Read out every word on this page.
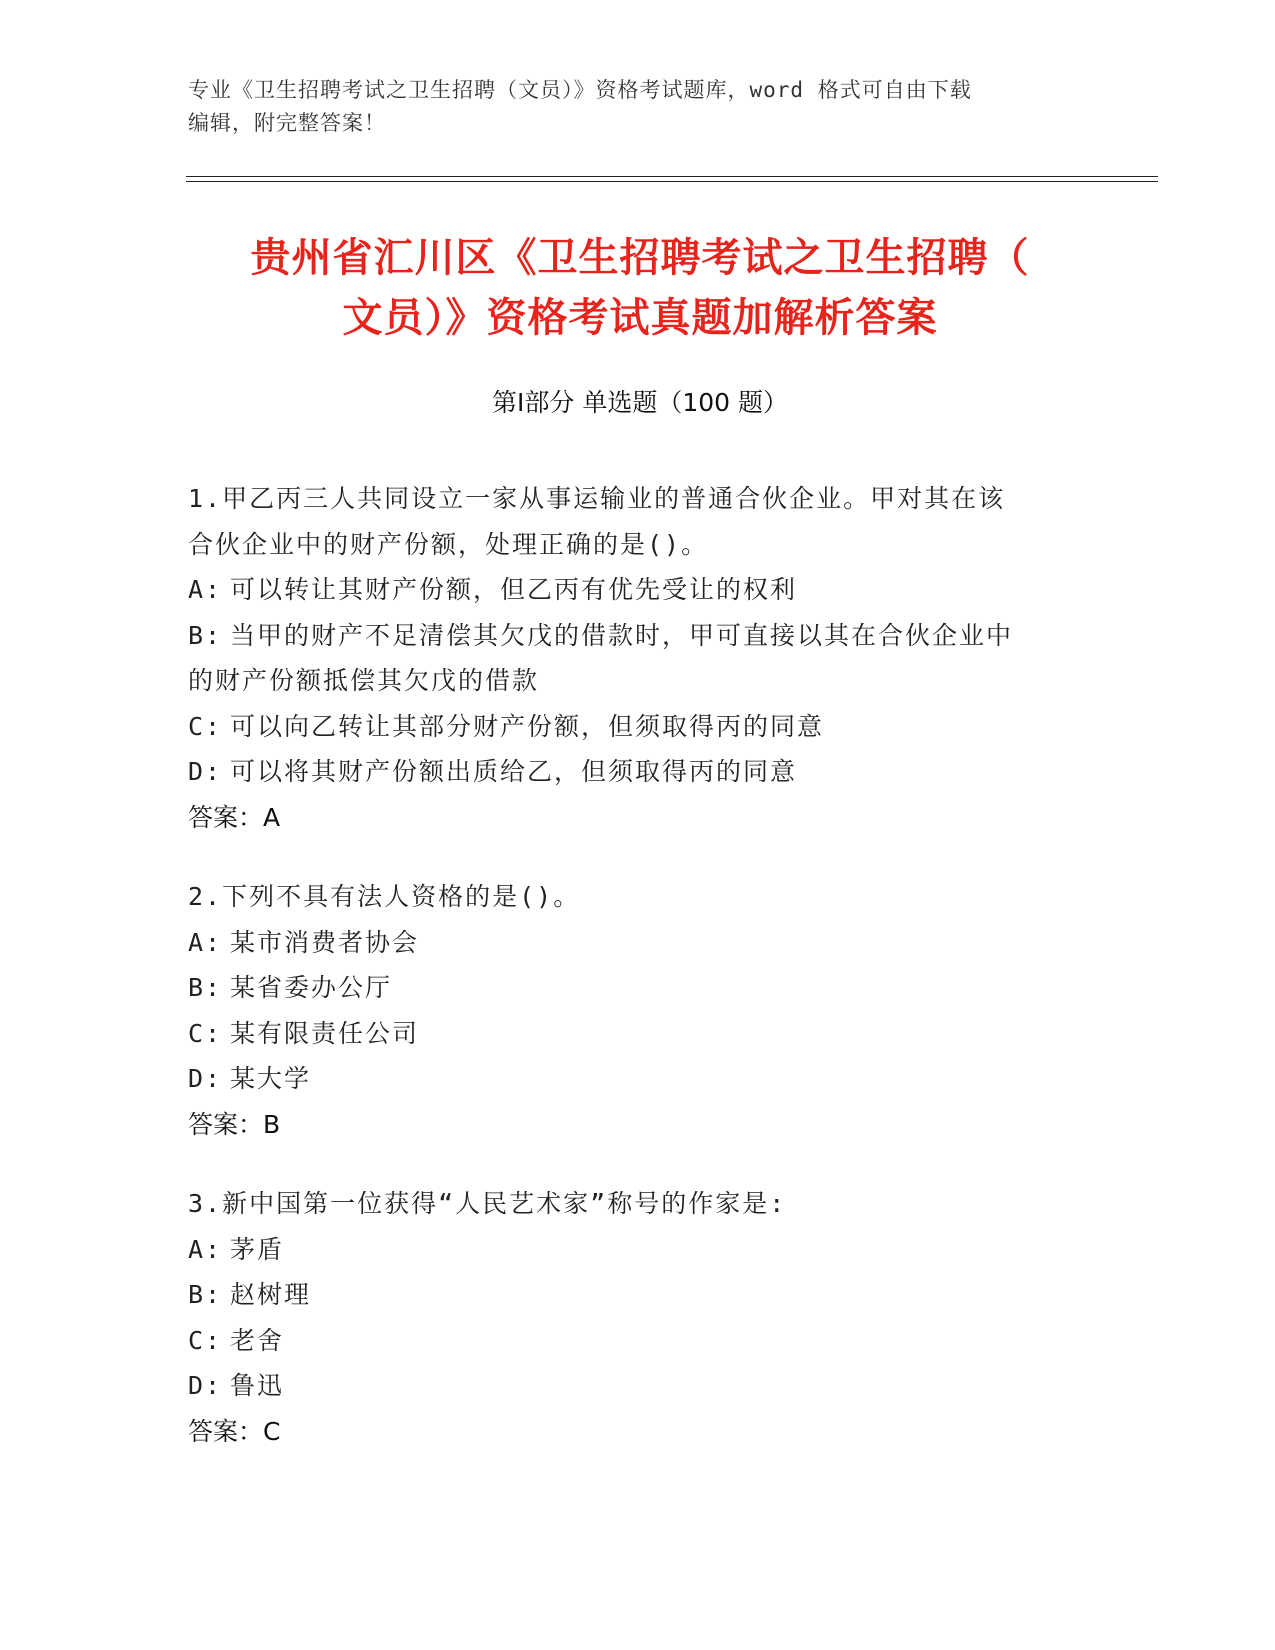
专业《卫生招聘考试之卫生招聘（文员）》资格考试题库，word 格式可自由下载
编辑，附完整答案！
贵州省汇川区《卫生招聘考试之卫生招聘（
文员）》资格考试真题加解析答案
第Ⅰ部分 单选题（100 题）
1.甲乙丙三人共同设立一家从事运输业的普通合伙企业。甲对其在该
合伙企业中的财产份额，处理正确的是()。
A: 可以转让其财产份额，但乙丙有优先受让的权利
B: 当甲的财产不足清偿其欠戊的借款时，甲可直接以其在合伙企业中
的财产份额抵偿其欠戊的借款
C: 可以向乙转让其部分财产份额，但须取得丙的同意
D: 可以将其财产份额出质给乙，但须取得丙的同意
答案：A
2.下列不具有法人资格的是()。
A: 某市消费者协会
B: 某省委办公厅
C: 某有限责任公司
D: 某大学
答案：B
3.新中国第一位获得“人民艺术家”称号的作家是:
A: 茅盾
B: 赵树理
C: 老舍
D: 鲁迅
答案：C
